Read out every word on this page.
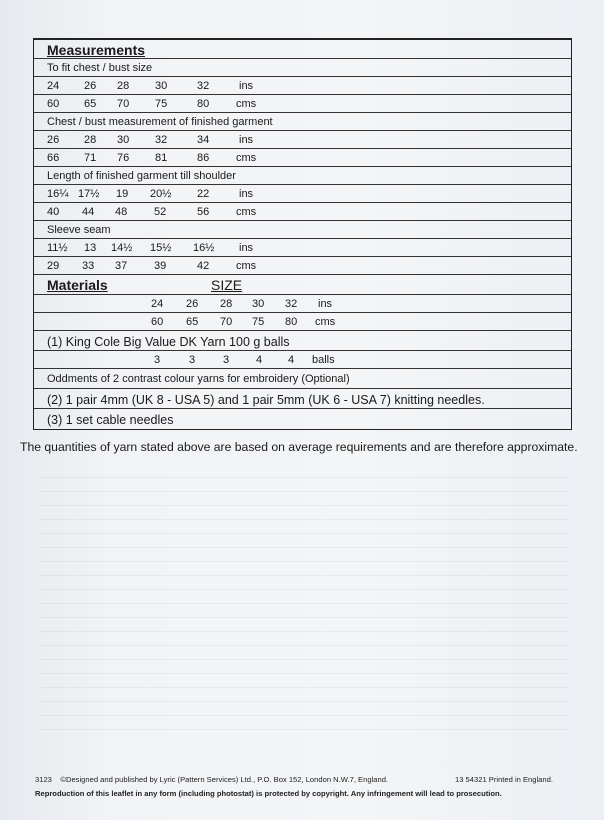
Measurements
To fit chest / bust size
24 26 28 30	32	ins
60 65 70 75	80 cms
Chest / bust measurement of finished garment
26 28 30 32	34	ins
66 71 76 81	86 cms
Length of finished garment till shoulder
16¼ 17½ 19 20½ 22	ins
40 44 48 52	56 cms
Sleeve seam
11½ 13 14½ 15½ 16½ ins
29 33 37 39	42 cms
Materials	SIZE
24 26 28 30 32 ins
60 65 70 75 80 cms
(1) King Cole Big Value DK Yarn 100 g balls
3	3	3 4 4 balls
Oddments of 2 contrast colour yarns for embroidery (Optional)
(2) 1 pair 4mm (UK 8 - USA 5) and 1 pair 5mm (UK 6 - USA 7) knitting needles.
(3) 1 set cable needles
The quantities of yarn stated above are based on average requirements and are therefore approximate.
3123 ©Designed and published by Lyric (Pattern Services) Ltd., P.O. Box 152, London N.W.7, England.	13 54321 Printed in England.
Reproduction of this leaflet in any form (including photostat) is protected by copyright. Any infringement will lead to prosecution.
